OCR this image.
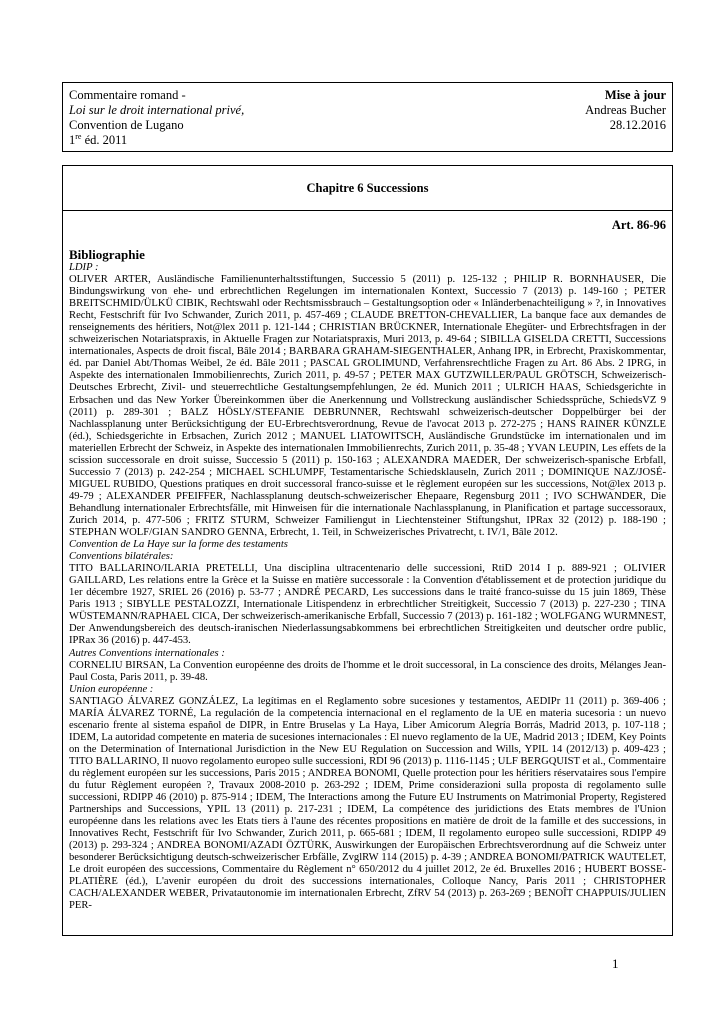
Commentaire romand -
Loi sur le droit international privé,
Convention de Lugano
1re éd. 2011
Mise à jour
Andreas Bucher
28.12.2016
Chapitre 6 Successions
Art. 86-96
Bibliographie
LDIP :

OLIVER ARTER, Ausländische Familienunterhaltsstiftungen, Successio 5 (2011) p. 125-132 ; PHILIP R. BORNHAUSER, Die Bindungswirkung von ehe- und erbrechtlichen Regelungen im internationalen Kontext, Successio 7 (2013) p. 149-160 ; PETER BREITSCHMID/ÜLKÜ CIBIK, Rechtswahl oder Rechtsmissbrauch – Gestaltungsoption oder « Inländerbenachteiligung » ?, in Innovatives Recht, Festschrift für Ivo Schwander, Zurich 2011, p. 457-469 ; CLAUDE BRETTON-CHEVALLIER, La banque face aux demandes de renseignements des héritiers, Not@lex 2011 p. 121-144 ; CHRISTIAN BRÜCKNER, Internationale Ehegüter- und Erbrechtsfragen in der schweizerischen Notariatspraxis, in Aktuelle Fragen zur Notariatspraxis, Muri 2013, p. 49-64 ; SIBILLA GISELDA CRETTI, Successions internationales, Aspects de droit fiscal, Bâle 2014 ; BARBARA GRAHAM-SIEGENTHALER, Anhang IPR, in Erbrecht, Praxiskommentar, éd. par Daniel Abt/Thomas Weibel, 2e éd. Bâle 2011 ; PASCAL GROLIMUND, Verfahrensrechtliche Fragen zu Art. 86 Abs. 2 IPRG, in Aspekte des internationalen Immobilienrechts, Zurich 2011, p. 49-57 ; PETER MAX GUTZWILLER/PAUL GRÖTSCH, Schweizerisch-Deutsches Erbrecht, Zivil- und steuerrechtliche Gestaltungsempfehlungen, 2e éd. Munich 2011 ; ULRICH HAAS, Schiedsgerichte in Erbsachen und das New Yorker Übereinkommen über die Anerkennung und Vollstreckung ausländischer Schiedssprüche, SchiedsVZ 9 (2011) p. 289-301 ; BALZ HÖSLY/STEFANIE DEBRUNNER, Rechtswahl schweizerisch-deutscher Doppelbürger bei der Nachlassplanung unter Berücksichtigung der EU-Erbrechtsverordnung, Revue de l'avocat 2013 p. 272-275 ; HANS RAINER KÜNZLE (éd.), Schiedsgerichte in Erbsachen, Zurich 2012 ; MANUEL LIATOWITSCH, Ausländische Grundstücke im internationalen und im materiellen Erbrecht der Schweiz, in Aspekte des internationalen Immobilienrechts, Zurich 2011, p. 35-48 ; YVAN LEUPIN, Les effets de la scission successorale en droit suisse, Successio 5 (2011) p. 150-163 ; ALEXANDRA MAEDER, Der schweizerisch-spanische Erbfall, Successio 7 (2013) p. 242-254 ; MICHAEL SCHLUMPF, Testamentarische Schiedsklauseln, Zurich 2011 ; DOMINIQUE NAZ/JOSÉ-MIGUEL RUBIDO, Questions pratiques en droit successoral franco-suisse et le règlement européen sur les successions, Not@lex 2013 p. 49-79 ; ALEXANDER PFEIFFER, Nachlassplanung deutsch-schweizerischer Ehepaare, Regensburg 2011 ; IVO SCHWANDER, Die Behandlung internationaler Erbrechtsfälle, mit Hinweisen für die internationale Nachlassplanung, in Planification et partage successoraux, Zurich 2014, p. 477-506 ; FRITZ STURM, Schweizer Familiengut in Liechtensteiner Stiftungshut, IPRax 32 (2012) p. 188-190 ; STEPHAN WOLF/GIAN SANDRO GENNA, Erbrecht, 1. Teil, in Schweizerisches Privatrecht, t. IV/1, Bâle 2012.

Convention de La Haye sur la forme des testaments
Conventions bilatérales:

TITO BALLARINO/ILARIA PRETELLI, Una disciplina ultracentenario delle successioni, RtiD 2014 I p. 889-921 ; OLIVIER GAILLARD, Les relations entre la Grèce et la Suisse en matière successorale : la Convention d'établissement et de protection juridique du 1er décembre 1927, SRIEL 26 (2016) p. 53-77 ; ANDRÉ PECARD, Les successions dans le traité franco-suisse du 15 juin 1869, Thèse Paris 1913 ; SIBYLLE PESTALOZZI, Internationale Litispendenz in erbrechtlicher Streitigkeit, Successio 7 (2013) p. 227-230 ; TINA WÜSTEMANN/RAPHAEL CICA, Der schweizerisch-amerikanische Erbfall, Successio 7 (2013) p. 161-182 ; WOLFGANG WURMNEST, Der Anwendungsbereich des deutsch-iranischen Niederlassungsabkommens bei erbrechtlichen Streitigkeiten und deutscher ordre public, IPRax 36 (2016) p. 447-453.

Autres Conventions internationales :

CORNELIU BIRSAN, La Convention européenne des droits de l'homme et le droit successoral, in La conscience des droits, Mélanges Jean-Paul Costa, Paris 2011, p. 39-48.

Union européenne :

SANTIAGO ÁLVAREZ GONZÁLEZ, La legítimas en el Reglamento sobre sucesiones y testamentos, AEDIPr 11 (2011) p. 369-406 ; MARÍA ÁLVAREZ TORNÉ, La regulación de la competencia internacional en el reglamento de la UE en materia sucesoria : un nuevo escenario frente al sistema español de DIPR, in Entre Bruselas y La Haya, Liber Amicorum Alegría Borrás, Madrid 2013, p. 107-118 ; IDEM, La autoridad competente en materia de sucesiones internacionales : El nuevo reglamento de la UE, Madrid 2013 ; IDEM, Key Points on the Determination of International Jurisdiction in the New EU Regulation on Succession and Wills, YPIL 14 (2012/13) p. 409-423 ; TITO BALLARINO, Il nuovo regolamento europeo sulle successioni, RDI 96 (2013) p. 1116-1145 ; ULF BERGQUIST et al., Commentaire du règlement européen sur les successions, Paris 2015 ; ANDREA BONOMI, Quelle protection pour les héritiers réservataires sous l'empire du futur Règlement européen ?, Travaux 2008-2010 p. 263-292 ; IDEM, Prime considerazioni sulla proposta di regolamento sulle successioni, RDIPP 46 (2010) p. 875-914 ; IDEM, The Interactions among the Future EU Instruments on Matrimonial Property, Registered Partnerships and Successions, YPIL 13 (2011) p. 217-231 ; IDEM, La compétence des juridictions des Etats membres de l'Union européenne dans les relations avec les Etats tiers à l'aune des récentes propositions en matière de droit de la famille et des successions, in Innovatives Recht, Festschrift für Ivo Schwander, Zurich 2011, p. 665-681 ; IDEM, Il regolamento europeo sulle successioni, RDIPP 49 (2013) p. 293-324 ; ANDREA BONOMI/AZADI ÖZTÜRK, Auswirkungen der Europäischen Erbrechtsverordnung auf die Schweiz unter besonderer Berücksichtigung deutsch-schweizerischer Erbfälle, ZvglRW 114 (2015) p. 4-39 ; ANDREA BONOMI/PATRICK WAUTELET, Le droit européen des successions, Commentaire du Règlement n° 650/2012 du 4 juillet 2012, 2e éd. Bruxelles 2016 ; HUBERT BOSSE-PLATIÈRE (éd.), L'avenir européen du droit des successions internationales, Colloque Nancy, Paris 2011 ; CHRISTOPHER CACH/ALEXANDER WEBER, Privatautonomie im internationalen Erbrecht, ZfRV 54 (2013) p. 263-269 ; BENOÎT CHAPPUIS/JULIEN PER-

1
